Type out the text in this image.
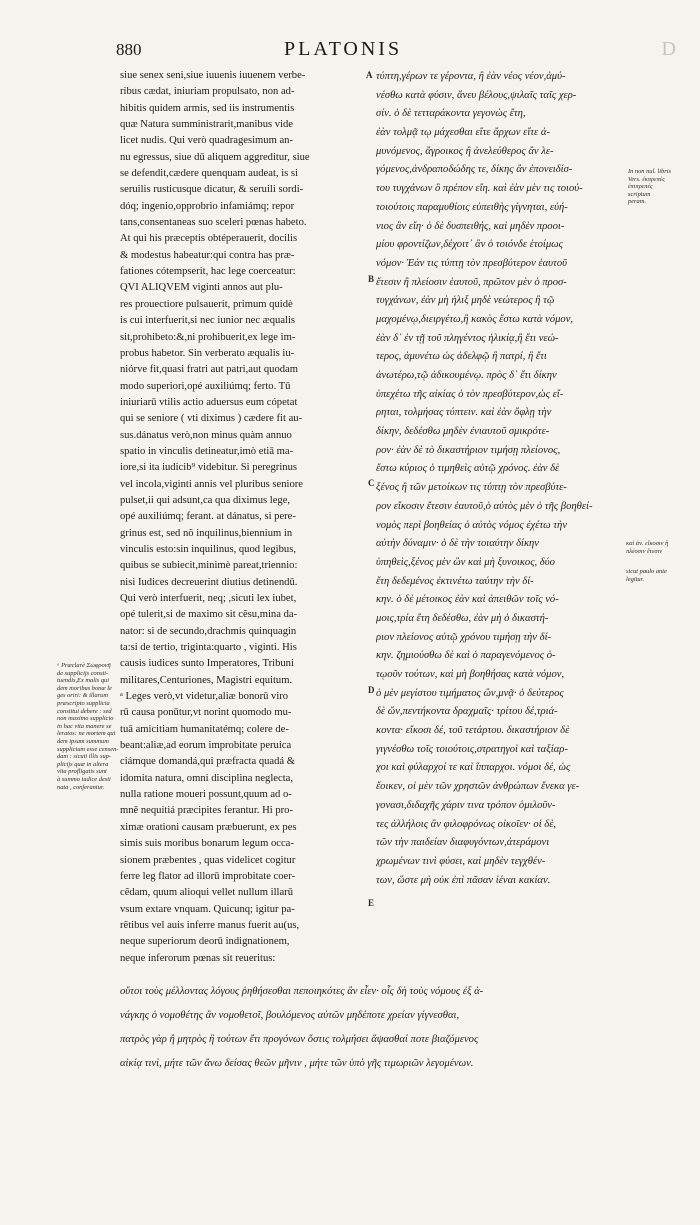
880	PLATONIS	D
siue senex seni,siue iuuenis iuuenem verbe-
ribus cædat, iniuriam propulsato, non ad-
hibitis quidem armis, sed iis instrumentis
quæ Natura sumministrarit,manibus vide
licet nudis. Qui verò quadragesimum an-
nu egressus, siue dū aliquem aggreditur, siue
se defendit,cædere quenquam audeat, is si
seruilis rusticusque dicatur, & seruili sordi-
dóq; ingenio,opprobrio infamiámq; repor
tans,consentaneas suo sceleri pœnas habeto.
At qui his præceptis obtéperauerit, docilis
& modestus habeatur:qui contra has præ-
fationes cótempserit, hac lege coerceatur:
QVI ALIQVEM viginti annos aut plu-
res prouectiore pulsauerit, primum quidè
is cui interfuerit,si nec iunior nec æqualis
sit,prohibeto:&,ni prohibuerit,ex lege im-
probus habetor. Sin verberato æqualis iu-
niórve fit,quasi fratri aut patri,aut quodam
modo superiori,opé auxiliúmq; ferto. Tū
iniuriarū vtilis actio aduersus eum cópetat
qui se seniore ( vti diximus ) cædere fit au-
sus.dánatus verò,non minus quàm annuo
spatio in vinculis detineatur,imò etiā ma-
iore,si ita iudicib⁹ videbitur. Si peregrinus
vel incola,viginti annis vel pluribus seniore
pulset,ii qui adsunt,ca qua diximus lege,
opé auxiliúmq; ferant. at dánatus, si pere-
grinus est, sed nõ inquilinus,biennium in
vinculis esto:sin inquilinus, quod legibus,
quibus se subiecit,minimè pareat,triennio:
nisi Iudices decreuerint diutius detinendū.
Qui verò interfuerit, neq; ,sicuti lex iubet,
opé tulerit,si de maximo sit cẽsu,mina da-
nator: si de secundo,drachmis quinquagin
ta:si de tertio, triginta:quarto , viginti. His
causis iudices sunto Imperatores, Tribuni
militares,Centuriones, Magistri equitum.
ᵃ Leges verò,vt videtur,aliæ bonorū viro
rū causa ponūtur,vt norint quomodo mu-
tuā amicitiam humanitatémq; colere de-
beant:aliæ,ad eorum improbitate peruica
ciámque domandá,qui præfracta quadá &
idomita natura, omni disciplina neglecta,
nulla ratione moueri possunt,quum ad o-
mnē nequitiá præcipites ferantur. Hi pro-
ximæ orationi causam præbuerunt, ex pes
simis suis moribus bonarum legum occa-
sionem præbentes , quas videlicet cogitur
ferre leg flator ad illorū improbitate coer-
cẽdam, quum alioqui vellet nullum illarū
vsum extare vnquam. Quicunq; igitur pa-
rẽtibus vel auis inferre manus fuerit au(us,
neque superiorum deorū indignationem,
neque inferorum pœnas sit reueritus:
τύπτη,γέρων τε γέροντα, ἢ ἐὰν νέος νέον,ἀμύ-
νέσθω κατὰ φύσιν, ἄνευ βέλους,ψιλαῖς ταῖς χερ-
σίν. ὁ δὲ τετταράκοντα γεγονὼς ἔτη,
ἐὰν τολμᾷ τῳ μάχεσθαι εἴτε ἄρχων εἴτε ἀ-
μυνόμενος, ἄγροικος ἢ ἀνελεύθερος ἂν λε-
γόμενος,ἀνδραποδώδης τε, δίκης ἂν ἐπονειδίσ-
του τυγχάνων ὃ πρέπον εἴη. καὶ ἐὰν μὲν τις τοιού-
τοιούτοις παραμυθίοις εὐπειθὴς γίγνηται, εὐή-
νιος ἂν εἴη· ὁ δὲ δυσπειθής, καὶ μηδὲν προοι-
μίου φροντίζων,δέχοιτ᾽ ἂν ὁ τοιόνδε ἑτοίμως
νόμον· Ἐάν τις τύπτῃ τὸν πρεσβύτερον ἑαυτοῦ
ἔτεσιν ἢ πλείοσιν ἑαυτοῦ, πρῶτον μὲν ὁ προσ-
τυγχάνων, ἐὰν μὴ ἡλιξ μηδὲ νεώτερος ἢ τῷ
μαχομένῳ,διειργέτω,ἢ κακὸς ἔστω κατὰ νόμον,
ἐὰν δ᾽ ἐν τῇ τοῦ πληγέντος ἡλικίᾳ,ἢ ἔτι νεώ-
τερος, ἀμυνέτω ὡς ἀδελφῷ ἢ πατρί, ἢ ἔτι
ἀνωτέρω,τῷ ἀδικουμένῳ. πρὸς δ᾽ ἔτι δίκην
ὑπεχέτω τῆς αἰκίας ὁ τὸν πρεσβύτερον,ὡς εἴ-
ρηται, τολμήσας τύπτειν. καὶ ἐὰν ὄφλῃ τὴν
δίκην, δεδέσθω μηδὲν ἐνιαυτοῦ σμικρότε-
ρον· ἐὰν δὲ τὸ δικαστήριον τιμήσῃ πλείονος,
ἔστω κύριος ὁ τιμηθεὶς αὐτῷ χρόνος. ἐὰν δὲ
ξένος ἢ τῶν μετοίκων τις τύπτῃ τὸν πρεσβύτε-
ρον εἴκοσιν ἔτεσιν ἑαυτοῦ,ὁ αὐτὸς μὲν ὁ τῆς βοηθεί-
νομὸς περὶ βοηθείας ὁ αὐτὸς νόμος ἐχέτω τὴν
αὐτὴν δύναμιν· ὁ δὲ τὴν τοιαύτην δίκην
ὑπηθεὶς,ξένος μὲν ὢν καὶ μὴ ξυνοικος, δύο
ἔτη δεδεμένος ἐκτινέτω ταύτην τὴν δί-
κην. ὁ δὲ μέτοικος ἐὰν καὶ ἀπειθῶν τοῖς νό-
μοις,τρία ἔτη δεδέσθω, ἐὰν μὴ ὁ δικαστή-
ριον πλείονος αὐτῷ χρόνου τιμήσῃ τὴν δί-
κην. ζημιούσθω δὲ καὶ ὁ παραγενόμενος ὁ-
τῳοῦν τούτων, καὶ μὴ βοηθήσας κατὰ νόμον,
ὁ μὲν μεγίστου τιμήματος ὢν,μνᾷ· ὁ δεύτερος
δὲ ὤν,πεντήκοντα δραχμαῖς· τρίτου δέ,τριά-
κοντα· εἴκοσι δέ, τοῦ τετάρτου. δικαστήριον δὲ
γιγνέσθω τοῖς τοιούτοις,στρατηγοὶ καὶ ταξίαρ-
χοι καὶ φύλαρχοί τε καὶ ἵππαρχοι. νόμοι δέ, ὡς
ἔοικεν, οἱ μὲν τῶν χρηστῶν ἀνθρώπων ἕνεκα γε-
γονασι,διδαχῆς χάριν τινα τρόπον ὁμιλοῦν-
τες ἀλλήλοις ἂν φιλοφρόνως οἰκοῖεν· οἱ δὲ,
τῶν τὴν παιδείαν διαφυγόντων,ἀτεράμονι
χρωμένων τινὶ φύσει, καὶ μηδὲν τεγχθέν-
των, ὥστε μὴ οὐκ ἐπὶ πᾶσαν ἰέναι κακίαν.
A
B
C
D
E
In non nul. libris
Vers. ἐκπρεπὲς
ἐπιπρεπὲς
scriptum
peram.
καὶ ἀν. εἴκοσιν ἢ
πλέοσιν ἔτεσιν
sicut paulo ante
legitur.
ᵃ Præclarè Σωφρονῆ
de supplicijs consti-
tuendis,Ex malis qui
dem moribus bonæ le
ges oriri: & illarum
præscripto supplicia
constitui debere : sed
non maximo supplicio
in hac vita manere se
leratos: ne mortem qui
dem ipsam summum
supplicium esse censen-
dam : sicuti illis sup-
plicijs quæ in altera
vita profligatis sunt
à summo iudice desti
nata , conferantur.
οὕτοι τοὺς μέλλοντας λόγους ῥηθήσεσθαι πεποιηκότες ἂν εἶεν· οἷς δὴ τοὺς νόμους ἐξ ἀ-
νάγκης ὁ νομοθέτης ἂν νομοθετοῖ, βουλόμενος αὐτῶν μηδέποτε χρείαν γίγνεσθαι,
πατρὸς γὰρ ἢ μητρὸς ἢ τούτων ἔτι προγόνων ὅστις τολμήσει ἅψασθαί ποτε βιαζόμενος
αἰκίᾳ τινὶ, μήτε τῶν ἄνω δείσας θεῶν μῆνιν , μήτε τῶν ὑπὸ γῆς τιμωριῶν λεγομένων.
